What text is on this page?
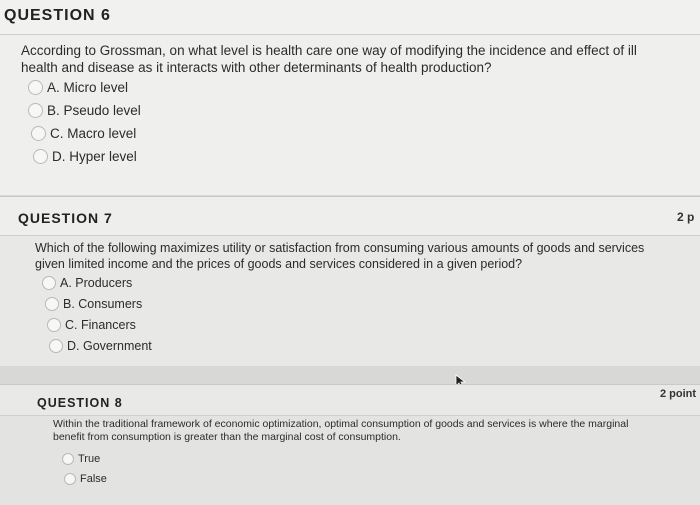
QUESTION 6
According to Grossman, on what level is health care one way of modifying the incidence and effect of ill health and disease as it interacts with other determinants of health production?
A. Micro level
B. Pseudo level
C. Macro level
D. Hyper level
QUESTION 7	2 p
Which of the following maximizes utility or satisfaction from consuming various amounts of goods and services given limited income and the prices of goods and services considered in a given period?
A. Producers
B. Consumers
C. Financers
D. Government
QUESTION 8
2 point
Within the traditional framework of economic optimization, optimal consumption of goods and services is where the marginal benefit from consumption is greater than the marginal cost of consumption.
True
False
